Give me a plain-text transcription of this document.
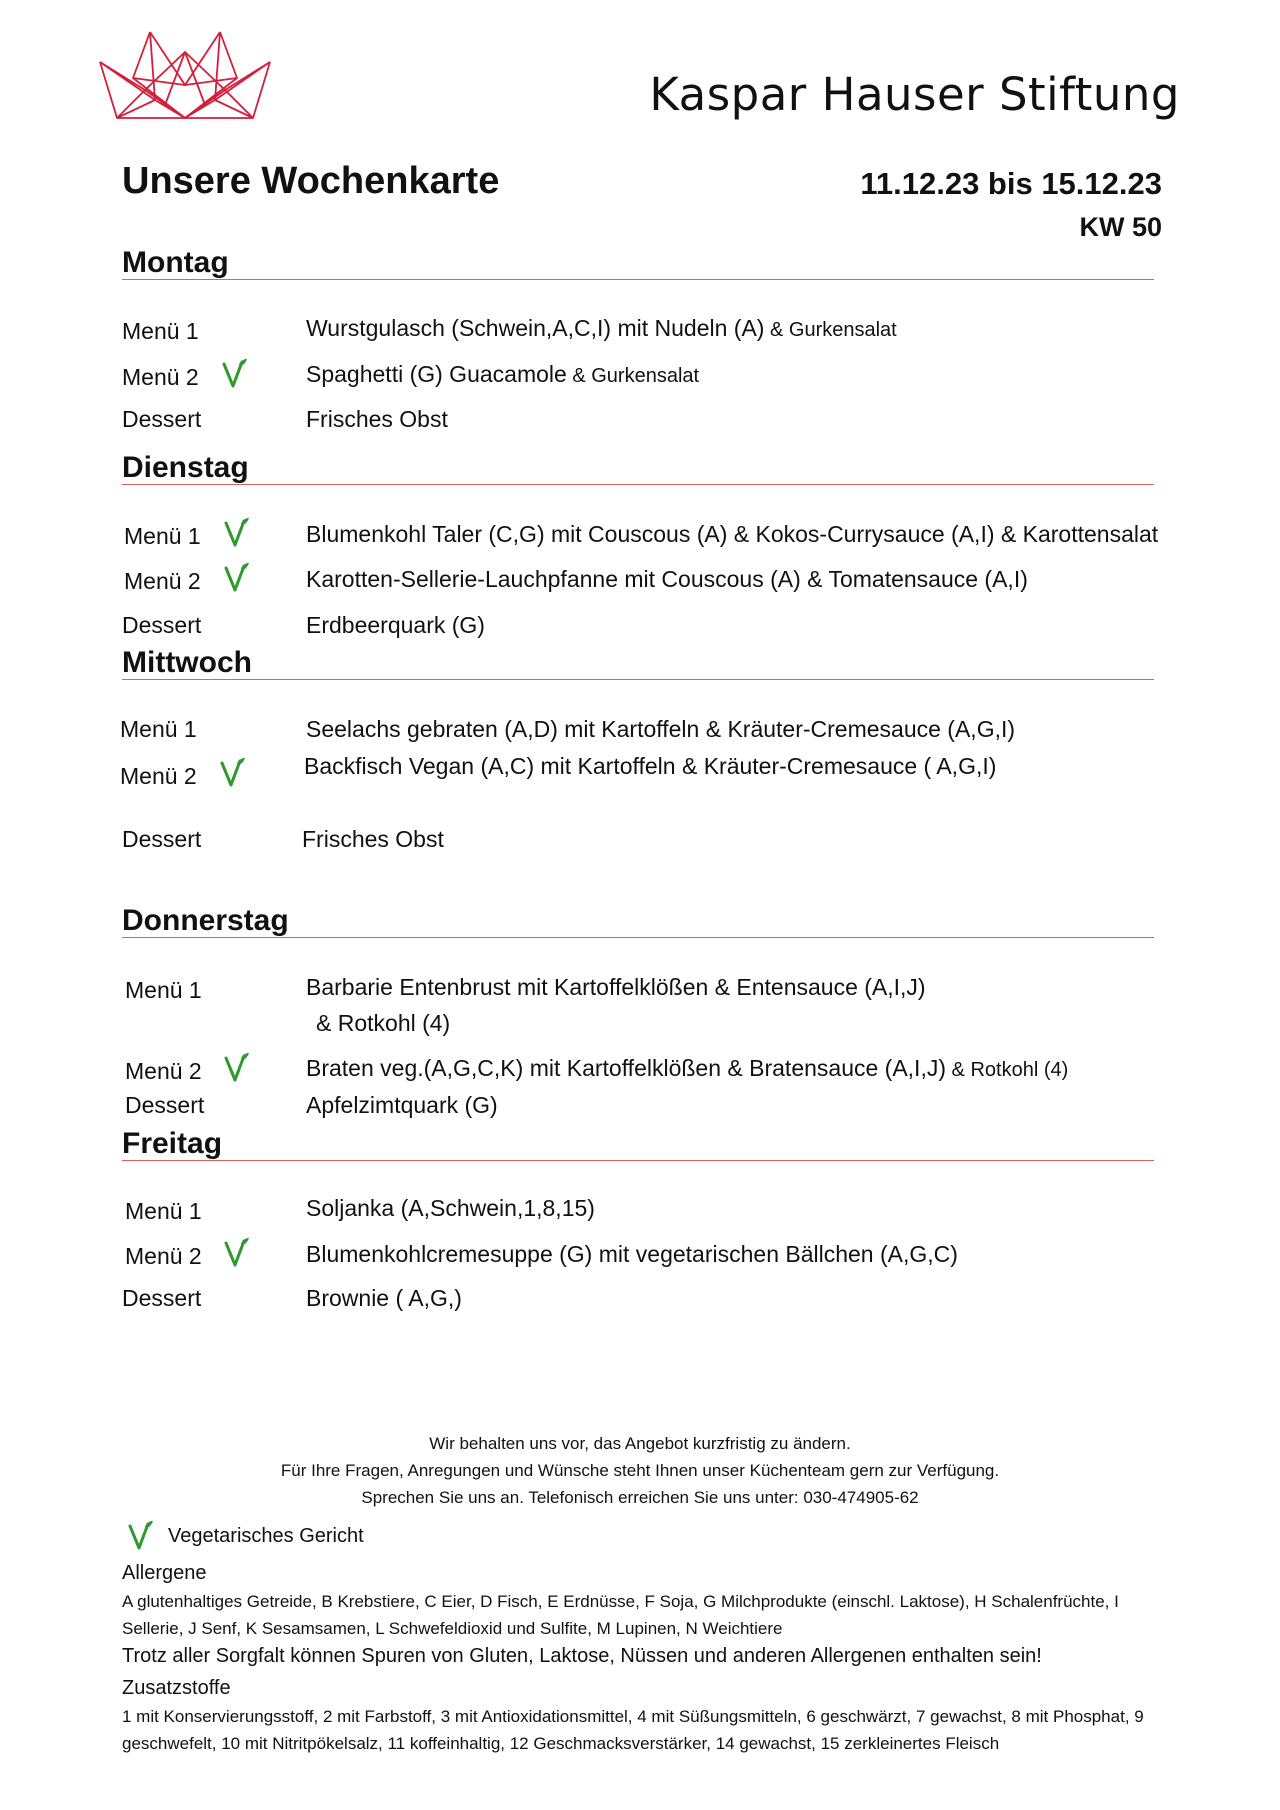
Kaspar Hauser Stiftung
Unsere Wochenkarte	11.12.23 bis 15.12.23
KW 50
Montag
Menü 1	Wurstgulasch (Schwein,A,C,I) mit Nudeln (A) & Gurkensalat
Menü 2	Spaghetti (G) Guacamole & Gurkensalat
Dessert	Frisches Obst
Dienstag
Menü 1	Blumenkohl Taler (C,G) mit Couscous (A) & Kokos-Currysauce (A,I) & Karottensalat
Menü 2	Karotten-Sellerie-Lauchpfanne mit Couscous (A) & Tomatensauce (A,I)
Dessert	Erdbeerquark (G)
Mittwoch
Menü 1	Seelachs gebraten (A,D) mit Kartoffeln & Kräuter-Cremesauce (A,G,I)
Menü 2	Backfisch Vegan (A,C) mit Kartoffeln & Kräuter-Cremesauce ( A,G,I)
Dessert	Frisches Obst
Donnerstag
Menü 1	Barbarie Entenbrust mit Kartoffelklößen & Entensauce (A,I,J)
& Rotkohl (4)
Menü 2	Braten veg.(A,G,C,K) mit Kartoffelklößen & Bratensauce (A,I,J) & Rotkohl (4)
Dessert	Apfelzimtquark (G)
Freitag
Menü 1	Soljanka (A,Schwein,1,8,15)
Menü 2	Blumenkohlcremesuppe (G) mit vegetarischen Bällchen (A,G,C)
Dessert	Brownie ( A,G,)
Wir behalten uns vor, das Angebot kurzfristig zu ändern.
Für Ihre Fragen, Anregungen und Wünsche steht Ihnen unser Küchenteam gern zur Verfügung.
Sprechen Sie uns an. Telefonisch erreichen Sie uns unter: 030-474905-62
Vegetarisches Gericht
Allergene
A glutenhaltiges Getreide, B Krebstiere, C Eier, D Fisch, E Erdnüsse, F Soja, G Milchprodukte (einschl. Laktose), H Schalenfrüchte, I Sellerie, J Senf, K Sesamsamen, L Schwefeldioxid und Sulfite, M Lupinen, N Weichtiere
Trotz aller Sorgfalt können Spuren von Gluten, Laktose, Nüssen und anderen Allergenen enthalten sein!
Zusatzstoffe
1 mit Konservierungsstoff, 2 mit Farbstoff, 3 mit Antioxidationsmittel, 4 mit Süßungsmitteln, 6 geschwärzt, 7 gewachst, 8 mit Phosphat, 9 geschwefelt, 10 mit Nitritpökelsalz, 11 koffeinhaltig, 12 Geschmacksverstärker, 14 gewachst, 15 zerkleinertes Fleisch
